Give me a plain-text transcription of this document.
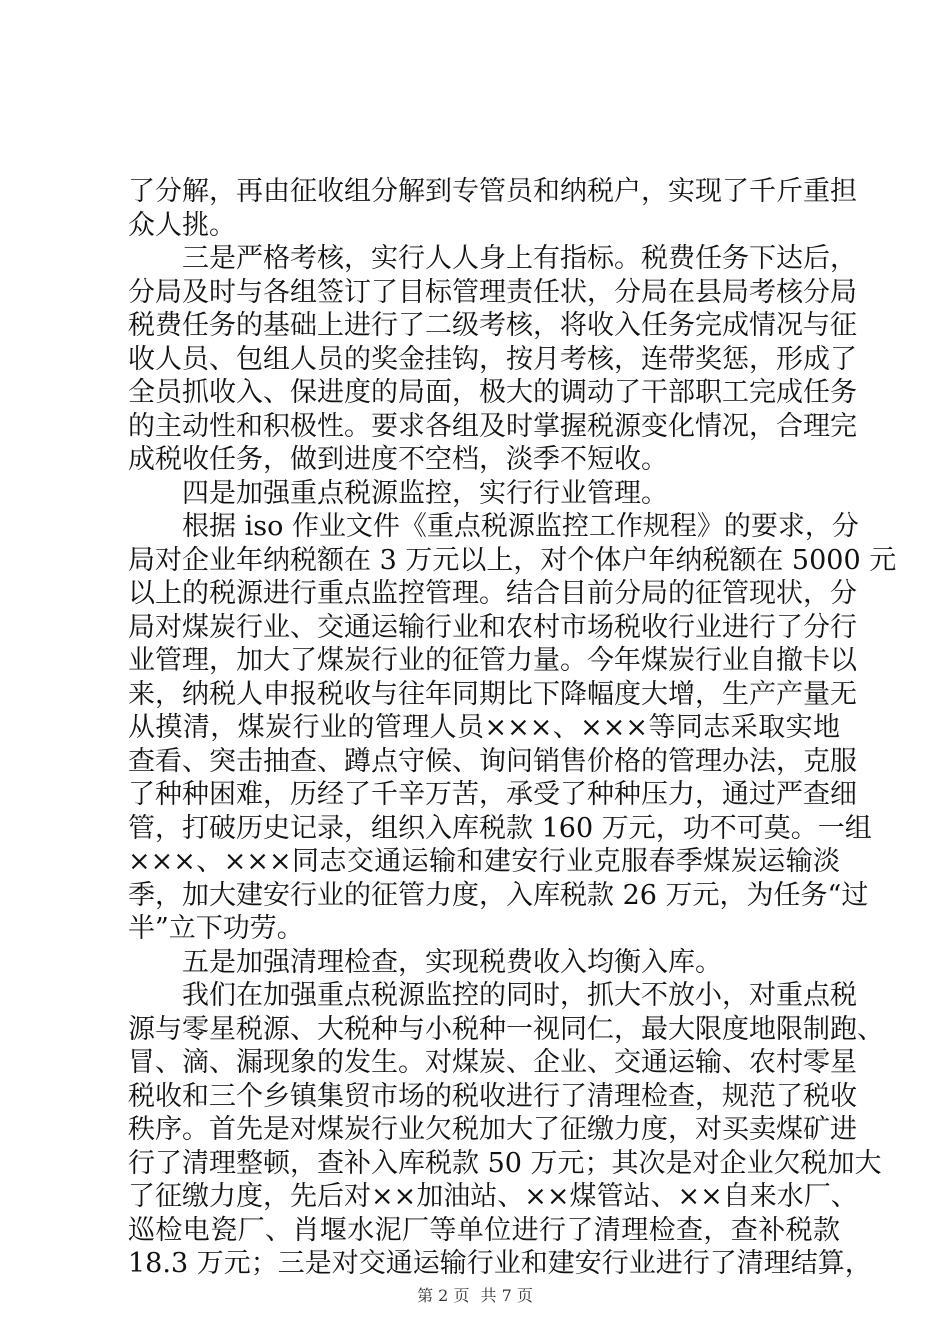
了分解，再由征收组分解到专管员和纳税户，实现了千斤重担
众人挑。
三是严格考核，实行人人身上有指标。税费任务下达后，
分局及时与各组签订了目标管理责任状，分局在县局考核分局
税费任务的基础上进行了二级考核，将收入任务完成情况与征
收人员、包组人员的奖金挂钩，按月考核，连带奖惩，形成了
全员抓收入、保进度的局面，极大的调动了干部职工完成任务
的主动性和积极性。要求各组及时掌握税源变化情况，合理完
成税收任务，做到进度不空档，淡季不短收。
四是加强重点税源监控，实行行业管理。
根据 iso 作业文件《重点税源监控工作规程》的要求，分
局对企业年纳税额在 3 万元以上，对个体户年纳税额在 5000 元
以上的税源进行重点监控管理。结合目前分局的征管现状，分
局对煤炭行业、交通运输行业和农村市场税收行业进行了分行
业管理，加大了煤炭行业的征管力量。今年煤炭行业自撤卡以
来，纳税人申报税收与往年同期比下降幅度大增，生产产量无
从摸清，煤炭行业的管理人员×××、×××等同志采取实地
查看、突击抽查、蹲点守候、询问销售价格的管理办法，克服
了种种困难，历经了千辛万苦，承受了种种压力，通过严查细
管，打破历史记录，组织入库税款 160 万元，功不可莫。一组
×××、×××同志交通运输和建安行业克服春季煤炭运输淡
季，加大建安行业的征管力度，入库税款 26 万元，为任务“过
半”立下功劳。
五是加强清理检查，实现税费收入均衡入库。
我们在加强重点税源监控的同时，抓大不放小，对重点税
源与零星税源、大税种与小税种一视同仁，最大限度地限制跑、
冒、滴、漏现象的发生。对煤炭、企业、交通运输、农村零星
税收和三个乡镇集贸市场的税收进行了清理检查，规范了税收
秩序。首先是对煤炭行业欠税加大了征缴力度，对买卖煤矿进
行了清理整顿，查补入库税款 50 万元；其次是对企业欠税加大
了征缴力度，先后对××加油站、××煤管站、××自来水厂、
巡检电瓷厂、肖堰水泥厂等单位进行了清理检查，查补税款
18.3 万元；三是对交通运输行业和建安行业进行了清理结算，
第 2 页 共 7 页
